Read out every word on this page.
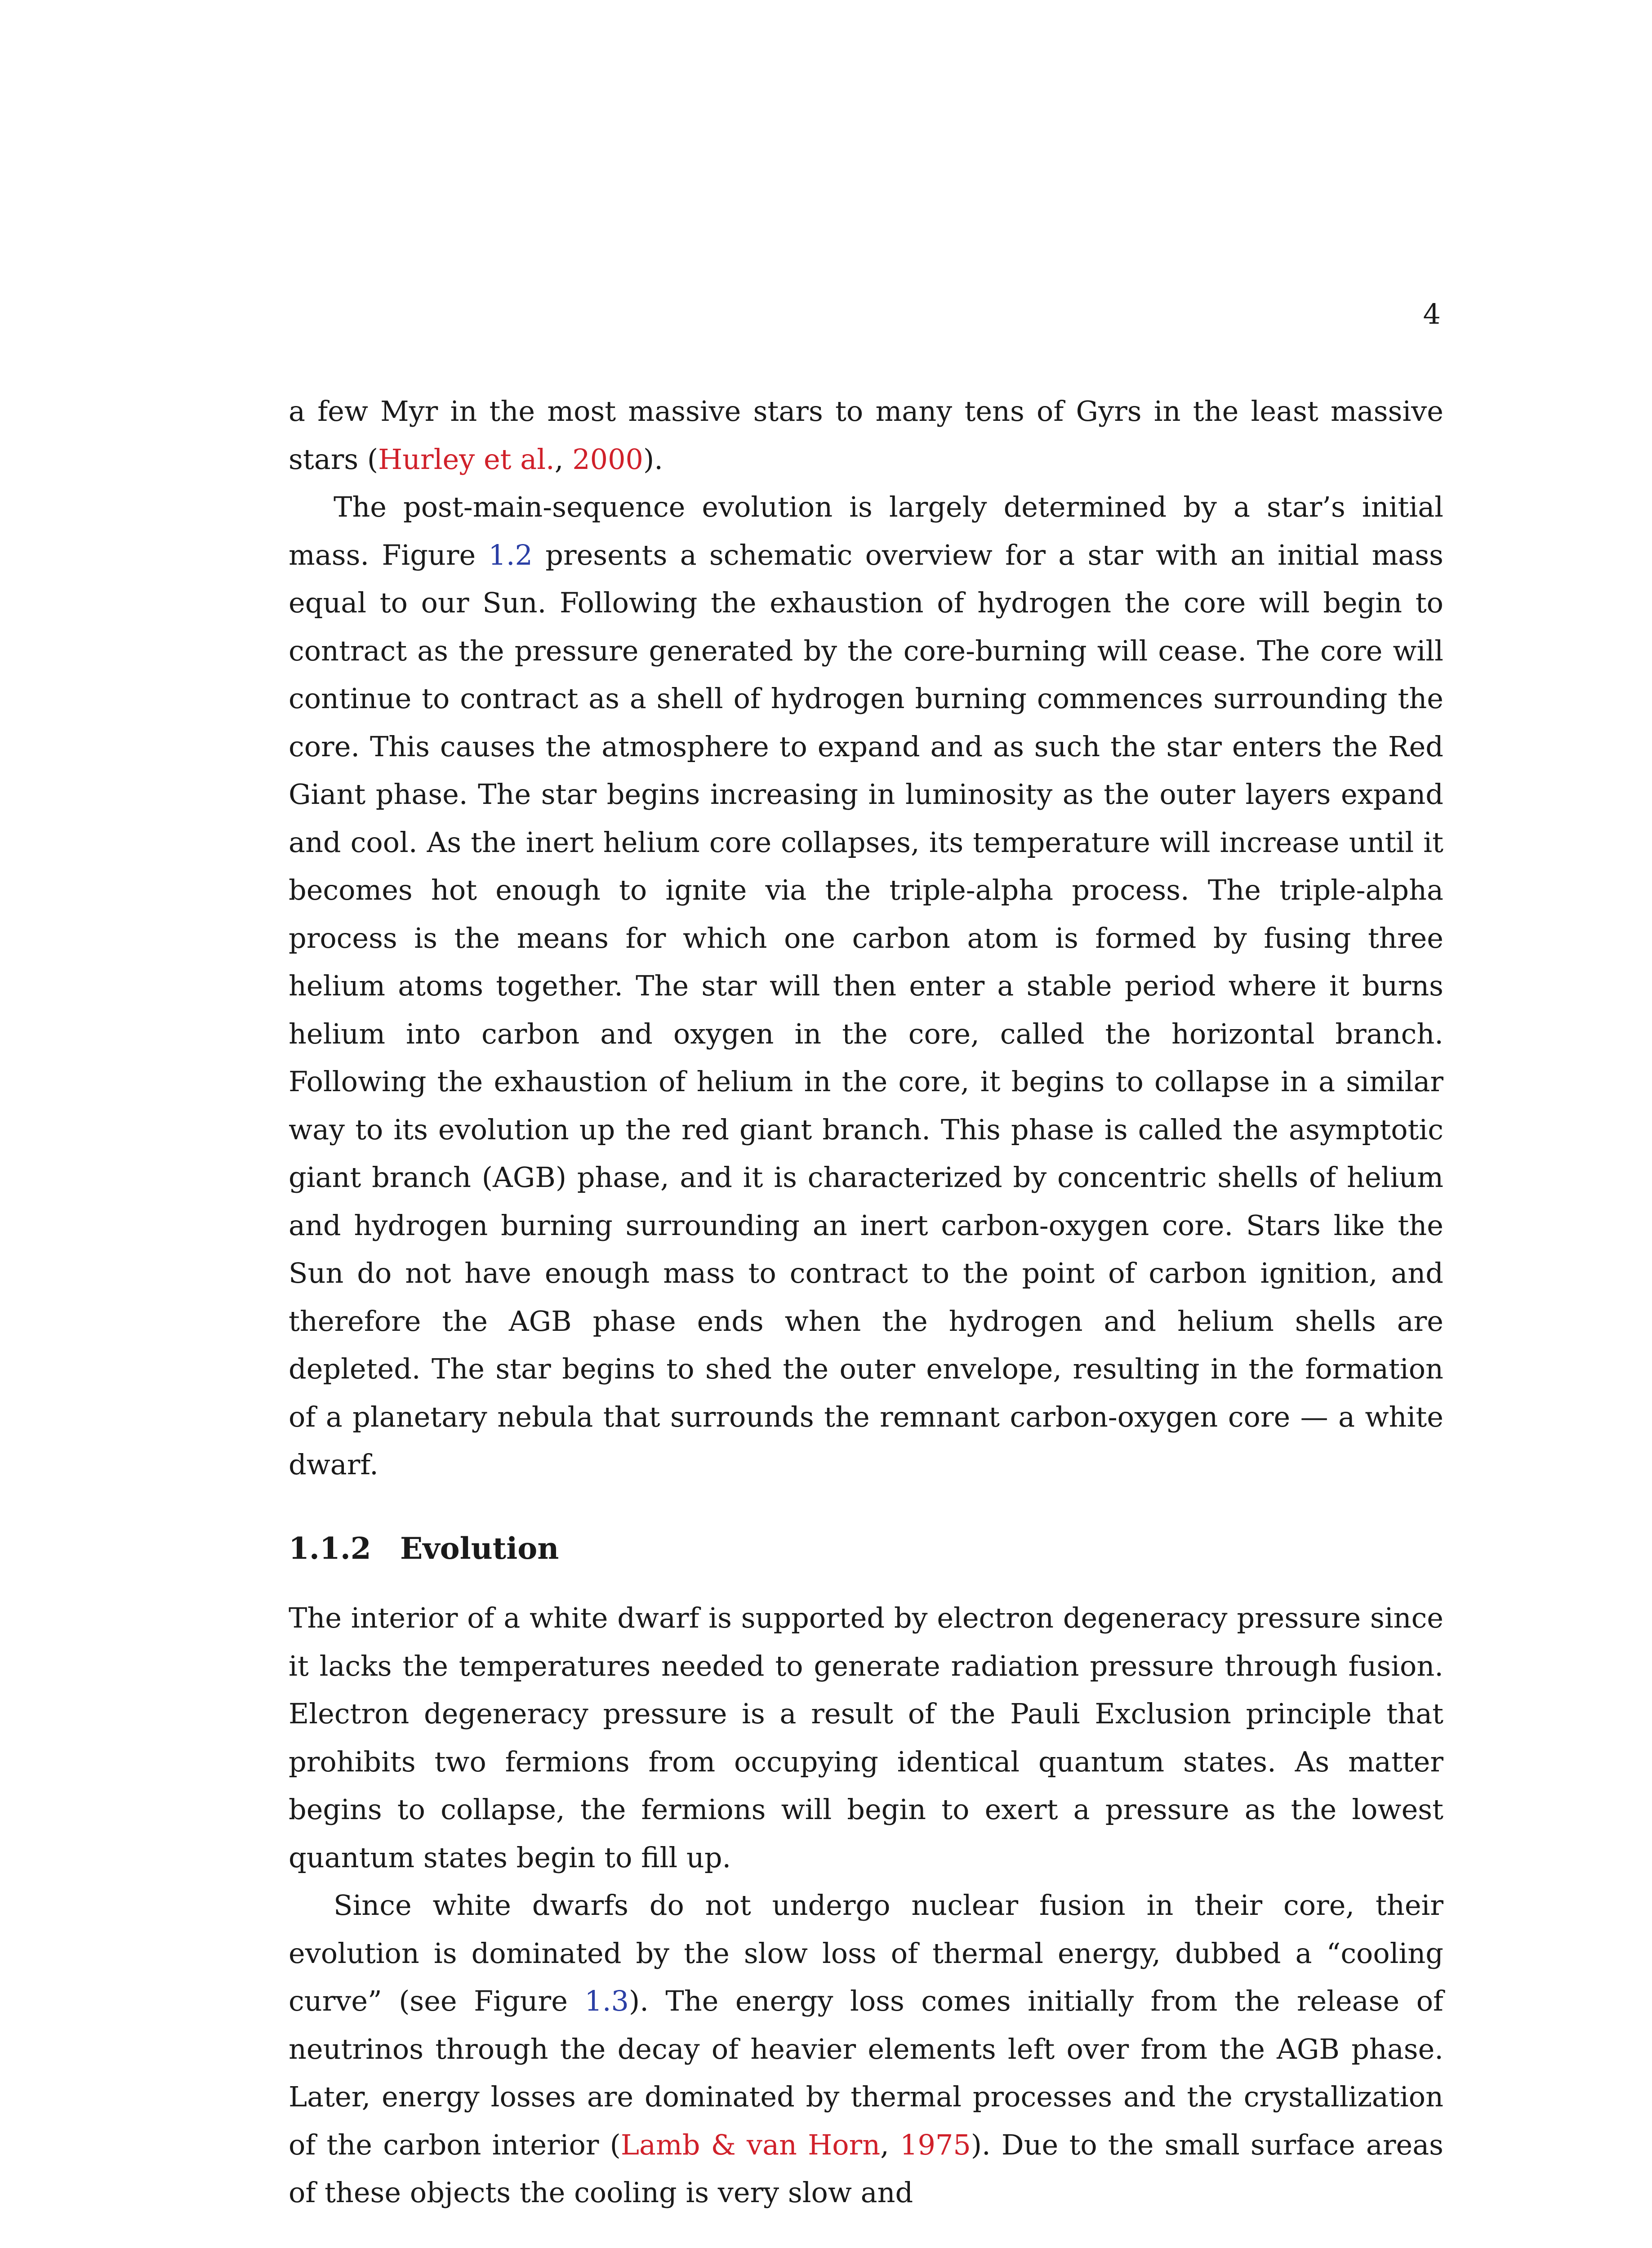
4

a few Myr in the most massive stars to many tens of Gyrs in the least massive stars (Hurley et al., 2000).

The post-main-sequence evolution is largely determined by a star’s initial mass. Figure 1.2 presents a schematic overview for a star with an initial mass equal to our Sun. Following the exhaustion of hydrogen the core will begin to contract as the pressure generated by the core-burning will cease. The core will continue to contract as a shell of hydrogen burning commences surrounding the core. This causes the atmosphere to expand and as such the star enters the Red Giant phase. The star begins increasing in luminosity as the outer layers expand and cool. As the inert helium core collapses, its temperature will increase until it becomes hot enough to ignite via the triple-alpha process. The triple-alpha process is the means for which one carbon atom is formed by fusing three helium atoms together. The star will then enter a stable period where it burns helium into carbon and oxygen in the core, called the horizontal branch. Following the exhaustion of helium in the core, it begins to collapse in a similar way to its evolution up the red giant branch. This phase is called the asymptotic giant branch (AGB) phase, and it is characterized by concentric shells of helium and hydrogen burning surrounding an inert carbon-oxygen core. Stars like the Sun do not have enough mass to contract to the point of carbon ignition, and therefore the AGB phase ends when the hydrogen and helium shells are depleted. The star begins to shed the outer envelope, resulting in the formation of a planetary nebula that surrounds the remnant carbon-oxygen core — a white dwarf.

1.1.2 Evolution

The interior of a white dwarf is supported by electron degeneracy pressure since it lacks the temperatures needed to generate radiation pressure through fusion. Electron degeneracy pressure is a result of the Pauli Exclusion principle that prohibits two fermions from occupying identical quantum states. As matter begins to collapse, the fermions will begin to exert a pressure as the lowest quantum states begin to fill up.

Since white dwarfs do not undergo nuclear fusion in their core, their evolution is dominated by the slow loss of thermal energy, dubbed a “cooling curve” (see Figure 1.3). The energy loss comes initially from the release of neutrinos through the decay of heavier elements left over from the AGB phase. Later, energy losses are dominated by thermal processes and the crystallization of the carbon interior (Lamb & van Horn, 1975). Due to the small surface areas of these objects the cooling is very slow and
